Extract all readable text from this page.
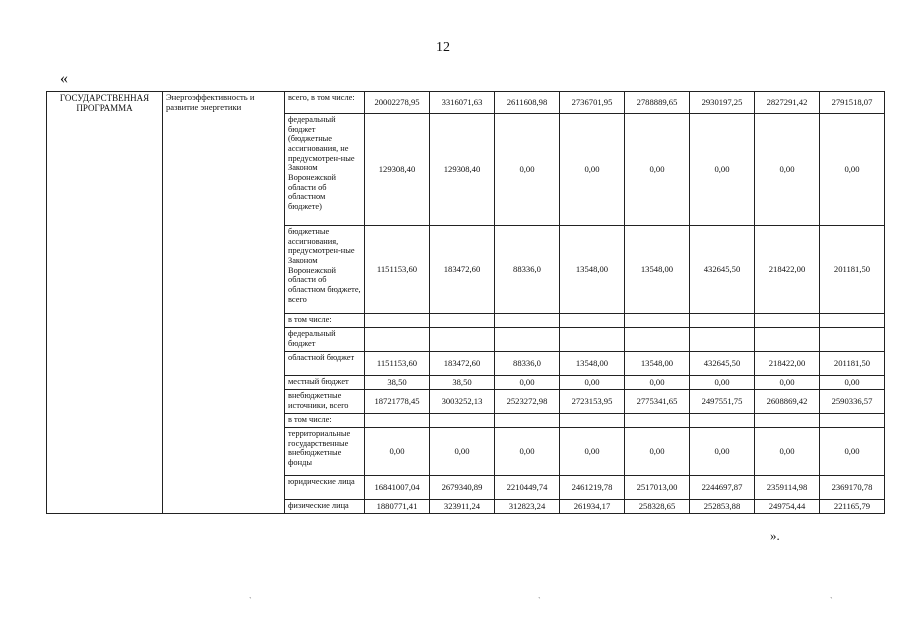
12
«
ГОСУДАРСТВЕННАЯ ПРОГРАММА	Энергоэффективность и развитие энергетики	всего, в том числе:	20002278,95	3316071,63	2611608,98	2736701,95	2788889,65	2930197,25	2827291,42	2791518,07
		федеральный бюджет (бюджетные ассигнования, не предусмотрен-ные Законом Воронежской области об областном бюджете)	129308,40	129308,40	0,00	0,00	0,00	0,00	0,00	0,00
		бюджетные ассигнования, предусмотрен-ные Законом Воронежской области об областном бюджете, всего	1151153,60	183472,60	88336,0	13548,00	13548,00	432645,50	218422,00	201181,50
		в том числе:								
		федеральный бюджет								
		областной бюджет	1151153,60	183472,60	88336,0	13548,00	13548,00	432645,50	218422,00	201181,50
		местный бюджет	38,50	38,50	0,00	0,00	0,00	0,00	0,00	0,00
		внебюджетные источники, всего	18721778,45	3003252,13	2523272,98	2723153,95	2775341,65	2497551,75	2608869,42	2590336,57
		в том числе:								
		территориальные государственные внебюджетные фонды	0,00	0,00	0,00	0,00	0,00	0,00	0,00	0,00
		юридические лица	16841007,04	2679340,89	2210449,74	2461219,78	2517013,00	2244697,87	2359114,98	2369170,78
		физические лица	1880771,41	323911,24	312823,24	261934,17	258328,65	252853,88	249754,44	221165,79
».
ˋ	ˋ	ˋ
